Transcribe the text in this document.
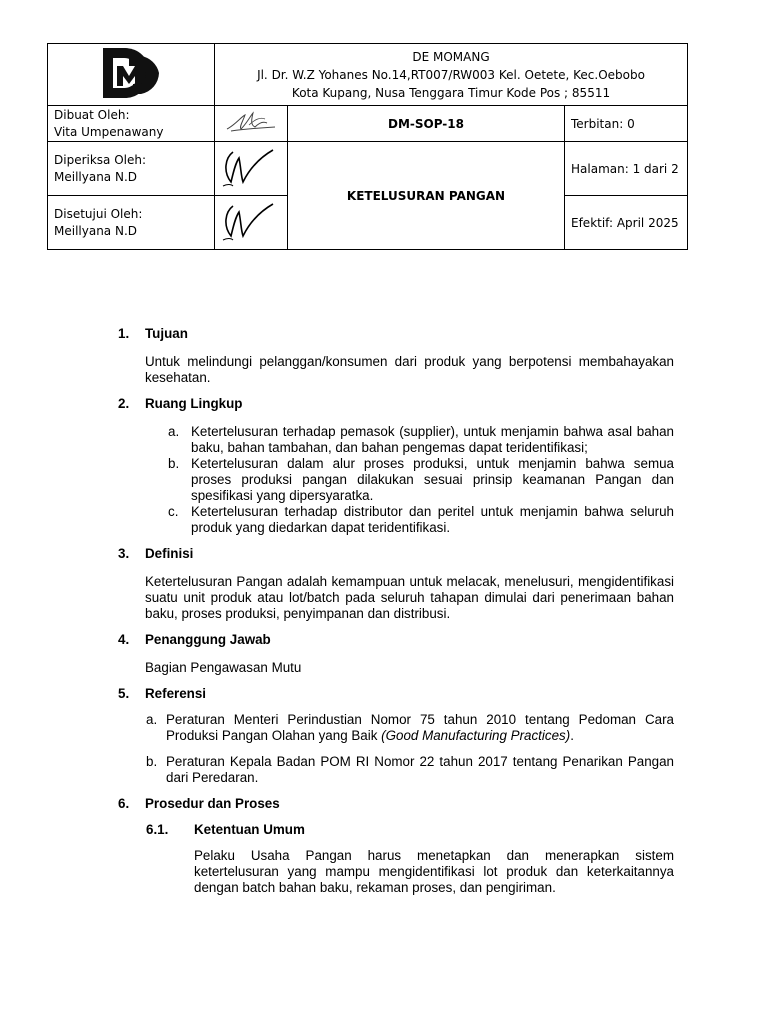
DE MOMANG
Jl. Dr. W.Z Yohanes No.14,RT007/RW003 Kel. Oetete, Kec.Oebobo
Kota Kupang, Nusa Tenggara Timur Kode Pos ; 85511		

Dibuat Oleh:
Vita Umpenawany		DM-SOP-18	Terbitan: 0

Diperiksa Oleh:
Meillyana N.D		KETELUSURAN PANGAN	Halaman: 1 dari 2

Disetujui Oleh:
Meillyana N.D			Efektif: April 2025
1.	Tujuan
Untuk melindungi pelanggan/konsumen dari produk yang berpotensi membahayakan kesehatan.
2.	Ruang Lingkup
a. Ketertelusuran terhadap pemasok (supplier), untuk menjamin bahwa asal bahan baku, bahan tambahan, dan bahan pengemas dapat teridentifikasi;
b. Ketertelusuran dalam alur proses produksi, untuk menjamin bahwa semua proses produksi pangan dilakukan sesuai prinsip keamanan Pangan dan spesifikasi yang dipersyaratka.
c. Ketertelusuran terhadap distributor dan peritel untuk menjamin bahwa seluruh produk yang diedarkan dapat teridentifikasi.
3.	Definisi
Ketertelusuran Pangan adalah kemampuan untuk melacak, menelusuri, mengidentifikasi suatu unit produk atau lot/batch pada seluruh tahapan dimulai dari penerimaan bahan baku, proses produksi, penyimpanan dan distribusi.
4.	Penanggung Jawab
Bagian Pengawasan Mutu
5.	Referensi
a. Peraturan Menteri Perindustian Nomor 75 tahun 2010 tentang Pedoman Cara Produksi Pangan Olahan yang Baik (Good Manufacturing Practices).
b. Peraturan Kepala Badan POM RI Nomor 22 tahun 2017 tentang Penarikan Pangan dari Peredaran.
6.	Prosedur dan Proses
6.1.	Ketentuan Umum
Pelaku Usaha Pangan harus menetapkan dan menerapkan sistem ketertelusuran yang mampu mengidentifikasi lot produk dan keterkaitannya dengan batch bahan baku, rekaman proses, dan pengiriman.
